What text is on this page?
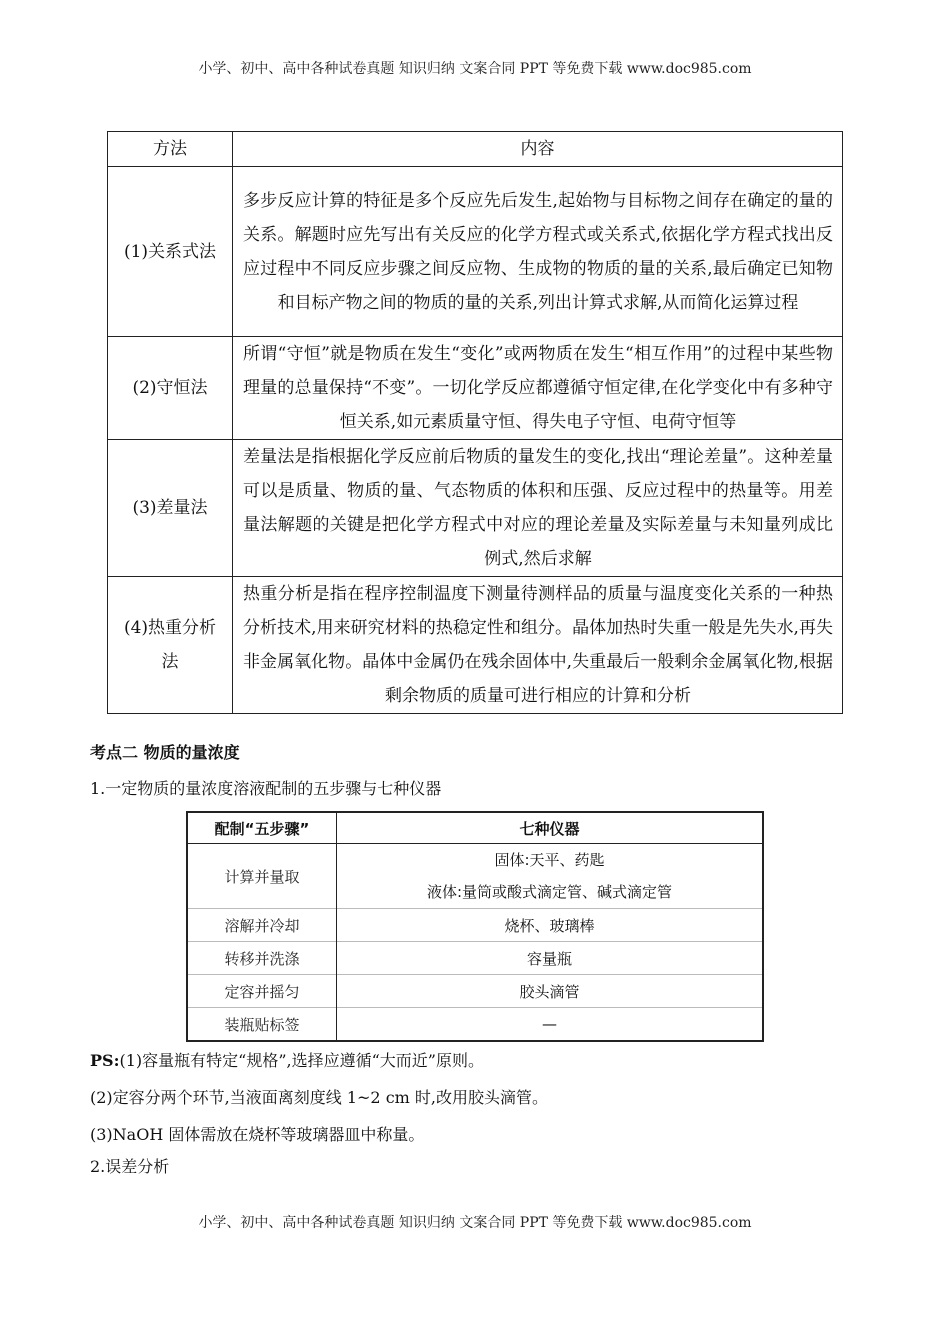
小学、初中、高中各种试卷真题 知识归纳 文案合同 PPT 等免费下载 www.doc985.com
方法	内容
(1)关系式法	多步反应计算的特征是多个反应先后发生,起始物与目标物之间存在确定的量的关系。解题时应先写出有关反应的化学方程式或关系式,依据化学方程式找出反应过程中不同反应步骤之间反应物、生成物的物质的量的关系,最后确定已知物和目标产物之间的物质的量的关系,列出计算式求解,从而简化运算过程
(2)守恒法	所谓“守恒”就是物质在发生“变化”或两物质在发生“相互作用”的过程中某些物理量的总量保持“不变”。一切化学反应都遵循守恒定律,在化学变化中有多种守恒关系,如元素质量守恒、得失电子守恒、电荷守恒等
(3)差量法	差量法是指根据化学反应前后物质的量发生的变化,找出“理论差量”。这种差量可以是质量、物质的量、气态物质的体积和压强、反应过程中的热量等。用差量法解题的关键是把化学方程式中对应的理论差量及实际差量与未知量列成比例式,然后求解
(4)热重分析法	热重分析是指在程序控制温度下测量待测样品的质量与温度变化关系的一种热分析技术,用来研究材料的热稳定性和组分。晶体加热时失重一般是先失水,再失非金属氧化物。晶体中金属仍在残余固体中,失重最后一般剩余金属氧化物,根据剩余物质的质量可进行相应的计算和分析
考点二 物质的量浓度
1.一定物质的量浓度溶液配制的五步骤与七种仪器
配制“五步骤”	七种仪器
计算并量取	固体:天平、药匙
液体:量筒或酸式滴定管、碱式滴定管

溶解并冷却	烧杯、玻璃棒
转移并洗涤	容量瓶
定容并摇匀	胶头滴管
装瓶贴标签	—
PS:(1)容量瓶有特定“规格”,选择应遵循“大而近”原则。
(2)定容分两个环节,当液面离刻度线 1~2 cm 时,改用胶头滴管。
(3)NaOH 固体需放在烧杯等玻璃器皿中称量。
2.误差分析
小学、初中、高中各种试卷真题 知识归纳 文案合同 PPT 等免费下载 www.doc985.com
